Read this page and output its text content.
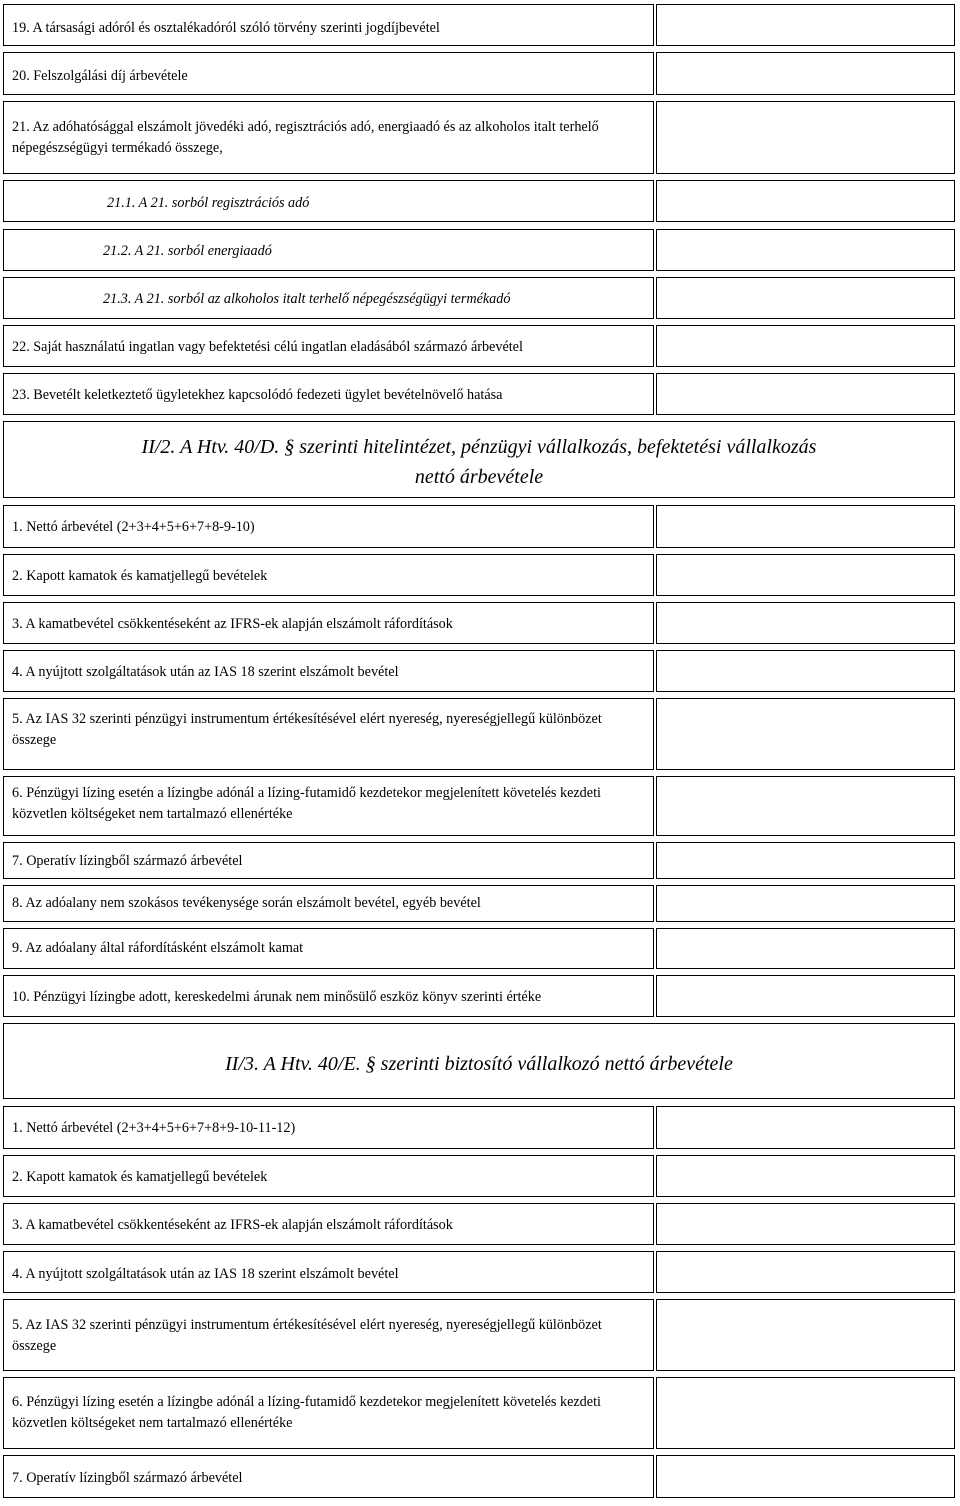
19. A társasági adóról és osztalékadóról szóló törvény szerinti jogdíjbevétel
20. Felszolgálási díj árbevétele
21. Az adóhatósággal elszámolt jövedéki adó, regisztrációs adó, energiaadó és az alkoholos italt terhelő
népegészségügyi termékadó összege,
21.1. A 21. sorból regisztrációs adó
21.2. A 21. sorból energiaadó
21.3. A 21. sorból az alkoholos italt terhelő népegészségügyi termékadó
22. Saját használatú ingatlan vagy befektetési célú ingatlan eladásából származó árbevétel
23. Bevetélt keletkeztető ügyletekhez kapcsolódó fedezeti ügylet bevételnövelő hatása
II/2. A Htv. 40/D. § szerinti hitelintézet, pénzügyi vállalkozás, befektetési vállalkozás
nettó árbevétele
1. Nettó árbevétel (2+3+4+5+6+7+8-9-10)
2. Kapott kamatok és kamatjellegű bevételek
3. A kamatbevétel csökkentéseként az IFRS-ek alapján elszámolt ráfordítások
4. A nyújtott szolgáltatások után az IAS 18 szerint elszámolt bevétel
5. Az IAS 32 szerinti pénzügyi instrumentum értékesítésével elért nyereség, nyereségjellegű különbözet
összege
6. Pénzügyi lízing esetén a lízingbe adónál a lízing-futamidő kezdetekor megjelenített követelés kezdeti
közvetlen költségeket nem tartalmazó ellenértéke
7. Operatív lízingből származó árbevétel
8. Az adóalany nem szokásos tevékenysége során elszámolt bevétel, egyéb bevétel
9. Az adóalany által ráfordításként elszámolt kamat
10. Pénzügyi lízingbe adott, kereskedelmi árunak nem minősülő eszköz könyv szerinti értéke
II/3. A Htv. 40/E. § szerinti biztosító vállalkozó nettó árbevétele
1. Nettó árbevétel (2+3+4+5+6+7+8+9-10-11-12)
2. Kapott kamatok és kamatjellegű bevételek
3. A kamatbevétel csökkentéseként az IFRS-ek alapján elszámolt ráfordítások
4. A nyújtott szolgáltatások után az IAS 18 szerint elszámolt bevétel
5. Az IAS 32 szerinti pénzügyi instrumentum értékesítésével elért nyereség, nyereségjellegű különbözet
összege
6. Pénzügyi lízing esetén a lízingbe adónál a lízing-futamidő kezdetekor megjelenített követelés kezdeti
közvetlen költségeket nem tartalmazó ellenértéke
7. Operatív lízingből származó árbevétel
